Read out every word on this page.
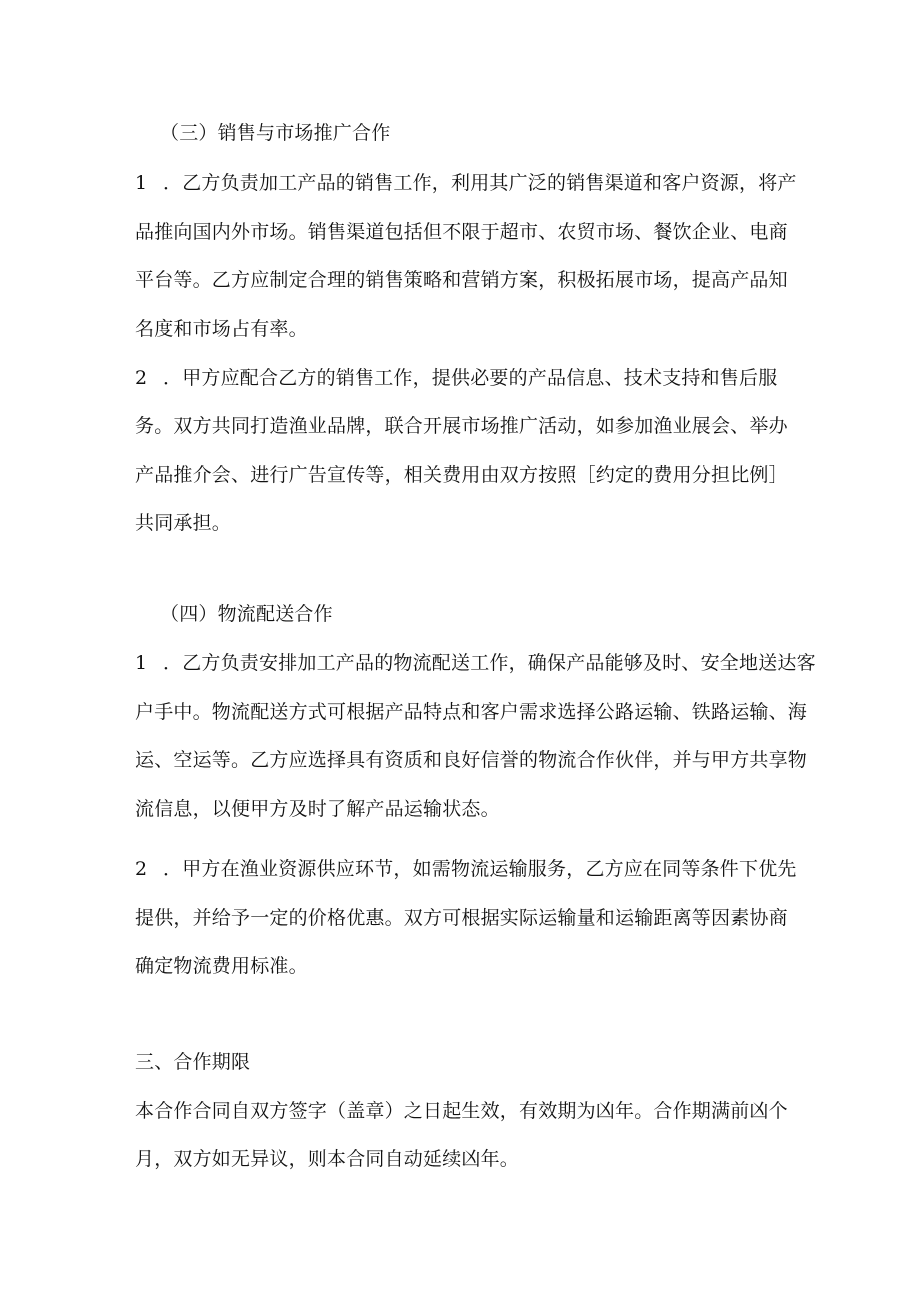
（三）销售与市场推广合作
1 ．乙方负责加工产品的销售工作，利用其广泛的销售渠道和客户资源，将产
品推向国内外市场。销售渠道包括但不限于超市、农贸市场、餐饮企业、电商
平台等。乙方应制定合理的销售策略和营销方案，积极拓展市场，提高产品知
名度和市场占有率。
2 ．甲方应配合乙方的销售工作，提供必要的产品信息、技术支持和售后服
务。双方共同打造渔业品牌，联合开展市场推广活动，如参加渔业展会、举办
产品推介会、进行广告宣传等，相关费用由双方按照［约定的费用分担比例］
共同承担。
（四）物流配送合作
1 ．乙方负责安排加工产品的物流配送工作，确保产品能够及时、安全地送达客
户手中。物流配送方式可根据产品特点和客户需求选择公路运输、铁路运输、海
运、空运等。乙方应选择具有资质和良好信誉的物流合作伙伴，并与甲方共享物
流信息，以便甲方及时了解产品运输状态。
2 ．甲方在渔业资源供应环节，如需物流运输服务，乙方应在同等条件下优先
提供，并给予一定的价格优惠。双方可根据实际运输量和运输距离等因素协商
确定物流费用标准。
三、合作期限
本合作合同自双方签字（盖章）之日起生效，有效期为凶年。合作期满前凶个
月，双方如无异议，则本合同自动延续凶年。
